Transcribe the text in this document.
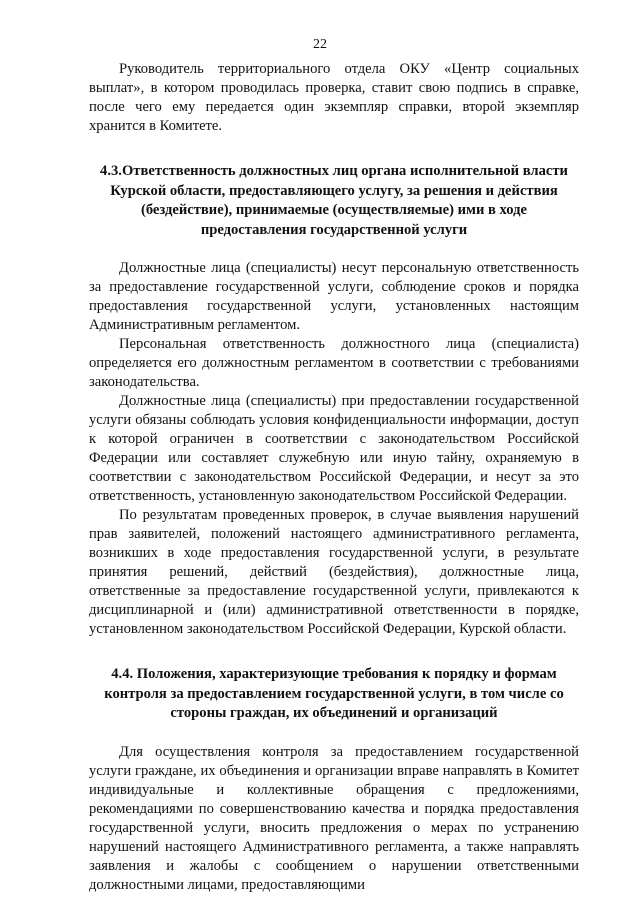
22

Руководитель территориального отдела ОКУ «Центр социальных выплат», в котором проводилась проверка, ставит свою подпись в справке, после чего ему передается один экземпляр справки, второй экземпляр хранится в Комитете.

4.3.Ответственность должностных лиц органа исполнительной власти Курской области, предоставляющего услугу, за решения и действия (бездействие), принимаемые (осуществляемые) ими в ходе предоставления государственной услуги

Должностные лица (специалисты) несут персональную ответственность за предоставление государственной услуги, соблюдение сроков и порядка предоставления государственной услуги, установленных настоящим Административным регламентом.

Персональная ответственность должностного лица (специалиста) определяется его должностным регламентом в соответствии с требованиями законодательства.

Должностные лица (специалисты) при предоставлении государственной услуги обязаны соблюдать условия конфиденциальности информации, доступ к которой ограничен в соответствии с законодательством Российской Федерации или составляет служебную или иную тайну, охраняемую в соответствии с законодательством Российской Федерации, и несут за это ответственность, установленную законодательством Российской Федерации.

По результатам проведенных проверок, в случае выявления нарушений прав заявителей, положений настоящего административного регламента, возникших в ходе предоставления государственной услуги, в результате принятия решений, действий (бездействия), должностные лица, ответственные за предоставление государственной услуги, привлекаются к дисциплинарной и (или) административной ответственности в порядке, установленном законодательством Российской Федерации, Курской области.

4.4. Положения, характеризующие требования к порядку и формам контроля за предоставлением государственной услуги, в том числе со стороны граждан, их объединений и организаций

Для осуществления контроля за предоставлением государственной услуги граждане, их объединения и организации вправе направлять в Комитет индивидуальные и коллективные обращения с предложениями, рекомендациями по совершенствованию качества и порядка предоставления государственной услуги, вносить предложения о мерах по устранению нарушений настоящего Административного регламента, а также направлять заявления и жалобы с сообщением о нарушении ответственными должностными лицами, предоставляющими
